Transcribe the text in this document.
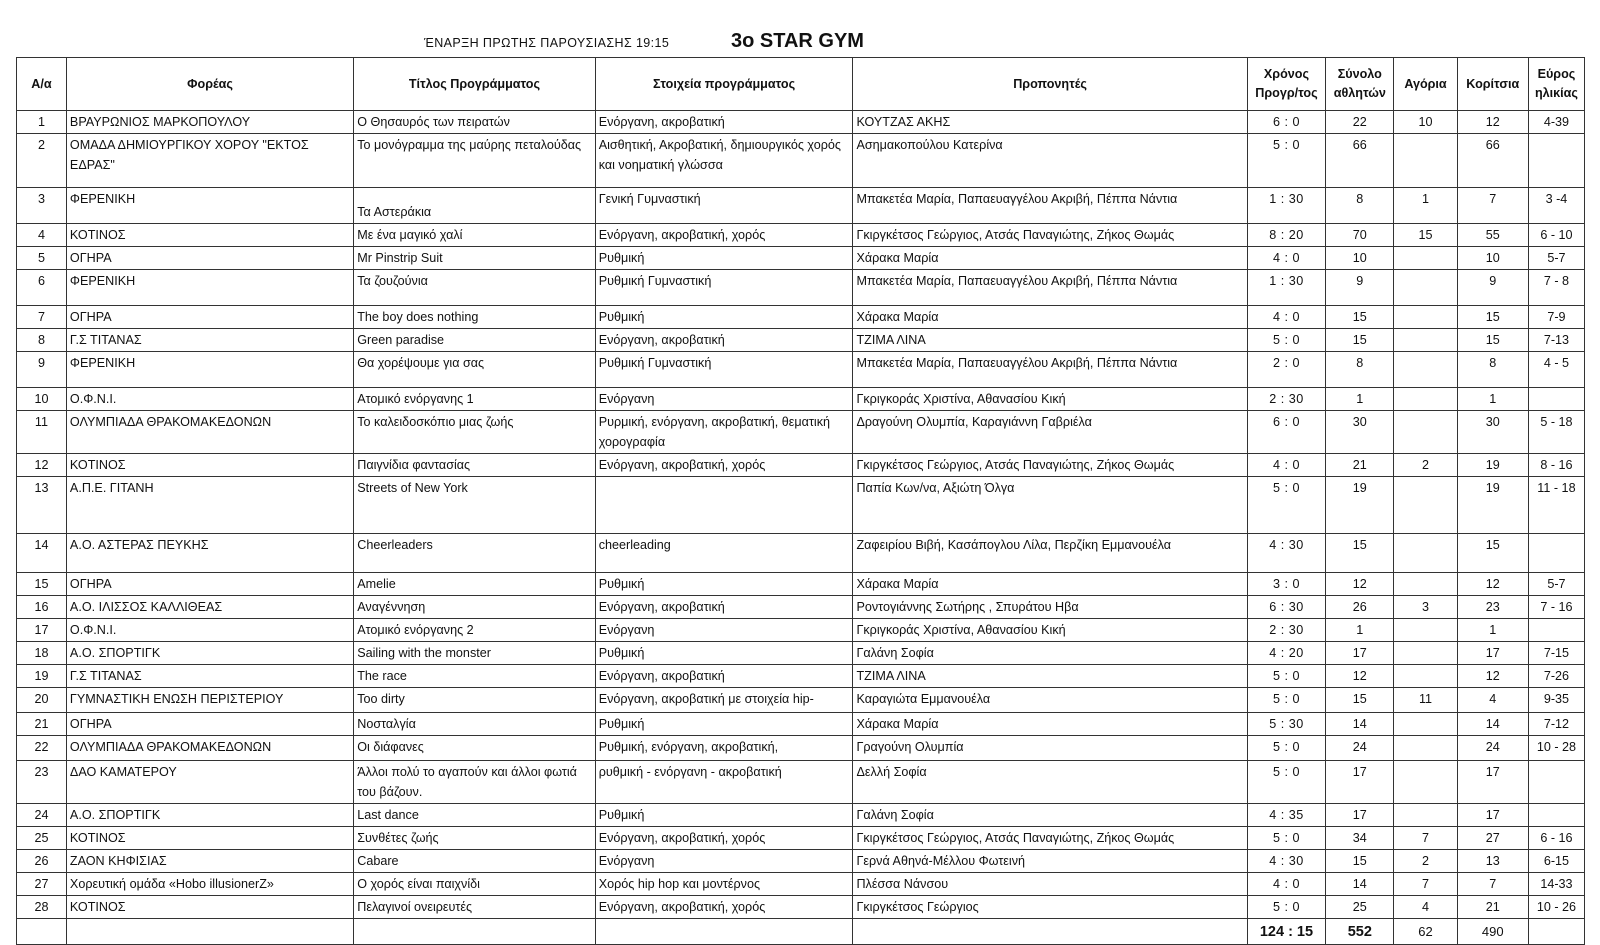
ΈΝΑΡΞΗ ΠΡΩΤΗΣ ΠΑΡΟΥΣΙΑΣΗΣ 19:15	3o STAR GYM
Α/α	Φορέας	Τίτλος Προγράμματος	Στοιχεία προγράμματος	Προπονητές	Χρόνος Προγρ/τος	Σύνολο αθλητών	Αγόρια	Κορίτσια	Εύρος ηλικίας
1	ΒΡΑΥΡΩΝΙΟΣ ΜΑΡΚΟΠΟΥΛΟΥ	Ο Θησαυρός των πειρατών	Ενόργανη, ακροβατική	ΚΟΥΤΖΑΣ ΑΚΗΣ	6 : 0	22	10	12	4-39
2	ΟΜΑΔΑ ΔΗΜΙΟΥΡΓΙΚΟΥ ΧΟΡΟΥ "ΕΚΤΟΣ ΕΔΡΑΣ"	Το μονόγραμμα της μαύρης πεταλούδας	Αισθητική, Ακροβατική, δημιουργικός χορός και νοηματική γλώσσα	Ασημακοπούλου Κατερίνα	5 : 0	66		66	
3	ΦΕΡΕΝΙΚΗ	Τα Αστεράκια	Γενική Γυμναστική	Μπακετέα Μαρία, Παπαευαγγέλου Ακριβή, Πέππα Νάντια	1 : 30	8	1	7	3 -4
4	ΚΟΤΙΝΟΣ	Με ένα μαγικό χαλί	Ενόργανη, ακροβατική, χορός	Γκιργκέτσος Γεώργιος, Ατσάς Παναγιώτης, Ζήκος Θωμάς	8 : 20	70	15	55	6 - 10
5	ΟΓΗΡΑ	Mr Pinstrip Suit	Ρυθμική	Χάρακα Μαρία	4 : 0	10		10	5-7
6	ΦΕΡΕΝΙΚΗ	Τα ζουζούνια	Ρυθμική Γυμναστική	Μπακετέα Μαρία, Παπαευαγγέλου Ακριβή, Πέππα Νάντια	1 : 30	9		9	7 - 8
7	ΟΓΗΡΑ	The boy does nothing	Ρυθμική	Χάρακα Μαρία	4 : 0	15		15	7-9
8	Γ.Σ ΤΙΤΑΝΑΣ	Green paradise	Ενόργανη, ακροβατική	ΤΖΙΜΑ ΛΙΝΑ	5 : 0	15		15	7-13
9	ΦΕΡΕΝΙΚΗ	Θα χορέψουμε για σας	Ρυθμική Γυμναστική	Μπακετέα Μαρία, Παπαευαγγέλου Ακριβή, Πέππα Νάντια	2 : 0	8		8	4 - 5
10	Ο.Φ.Ν.Ι.	Ατομικό ενόργανης 1	Ενόργανη	Γκριγκοράς Χριστίνα, Αθανασίου Κική	2 : 30	1		1	
11	ΟΛΥΜΠΙΑΔΑ ΘΡΑΚΟΜΑΚΕΔΟΝΩΝ	Το καλειδοσκόπιο μιας ζωής	Ρυρμική, ενόργανη, ακροβατική, θεματική χορογραφία	Δραγούνη Ολυμπία, Καραγιάννη Γαβριέλα	6 : 0	30		30	5 - 18
12	ΚΟΤΙΝΟΣ	Παιγνίδια φαντασίας	Ενόργανη, ακροβατική, χορός	Γκιργκέτσος Γεώργιος, Ατσάς Παναγιώτης, Ζήκος Θωμάς	4 : 0	21	2	19	8 - 16
13	Α.Π.Ε. ΓΙΤΑΝΗ	Streets of New York		Παπία Κων/να, Αξιώτη Όλγα	5 : 0	19		19	11 - 18
14	Α.Ο. ΑΣΤΕΡΑΣ ΠΕΥΚΗΣ	Cheerleaders	cheerleading	Ζαφειρίου Βιβή, Κασάπογλου Λίλα, Περζίκη Εμμανουέλα	4 : 30	15		15	
15	ΟΓΗΡΑ	Amelie	Ρυθμική	Χάρακα Μαρία	3 : 0	12		12	5-7
16	Α.Ο. ΙΛΙΣΣΟΣ ΚΑΛΛΙΘΕΑΣ	Αναγέννηση	Ενόργανη, ακροβατική	Ροντογιάννης Σωτήρης , Σπυράτου Ηβα	6 : 30	26	3	23	7 - 16
17	Ο.Φ.Ν.Ι.	Ατομικό ενόργανης 2	Ενόργανη	Γκριγκοράς Χριστίνα, Αθανασίου Κική	2 : 30	1		1	
18	Α.Ο. ΣΠΟΡΤΙΓΚ	Sailing with the monster	Ρυθμική	Γαλάνη Σοφία	4 : 20	17		17	7-15
19	Γ.Σ ΤΙΤΑΝΑΣ	The race	Ενόργανη, ακροβατική	ΤΖΙΜΑ ΛΙΝΑ	5 : 0	12		12	7-26
20	ΓΥΜΝΑΣΤΙΚΗ ΕΝΩΣΗ ΠΕΡΙΣΤΕΡΙΟΥ	Too dirty	Ενόργανη, ακροβατική με στοιχεία hip-	Καραγιώτα Εμμανουέλα	5 : 0	15	11	4	9-35
21	ΟΓΗΡΑ	Νοσταλγία	Ρυθμική	Χάρακα Μαρία	5 : 30	14		14	7-12
22	ΟΛΥΜΠΙΑΔΑ ΘΡΑΚΟΜΑΚΕΔΟΝΩΝ	Οι διάφανες	Ρυθμική, ενόργανη, ακροβατική,	Γραγούνη Ολυμπία	5 : 0	24		24	10 - 28
23	ΔΑΟ ΚΑΜΑΤΕΡΟΥ	Άλλοι πολύ το αγαπούν και άλλοι φωτιά του βάζουν.	ρυθμική - ενόργανη - ακροβατική	Δελλή Σοφία	5 : 0	17		17	
24	Α.Ο. ΣΠΟΡΤΙΓΚ	Last dance	Ρυθμική	Γαλάνη Σοφία	4 : 35	17		17	
25	ΚΟΤΙΝΟΣ	Συνθέτες ζωής	Ενόργανη, ακροβατική, χορός	Γκιργκέτσος Γεώργιος, Ατσάς Παναγιώτης, Ζήκος Θωμάς	5 : 0	34	7	27	6 - 16
26	ΖΑΟΝ ΚΗΦΙΣΙΑΣ	Cabare	Ενόργανη	Γερνά Αθηνά-Μέλλου Φωτεινή	4 : 30	15	2	13	6-15
27	Χορευτική ομάδα «Hobo illusionerZ»	Ο χορός είναι παιχνίδι	Χορός hip hop και μοντέρνος	Πλέσσα Νάνσου	4 : 0	14	7	7	14-33
28	ΚΟΤΙΝΟΣ	Πελαγινοί ονειρευτές	Ενόργανη, ακροβατική, χορός	Γκιργκέτσος Γεώργιος	5 : 0	25	4	21	10 - 26
					124 : 15	552	62	490	
